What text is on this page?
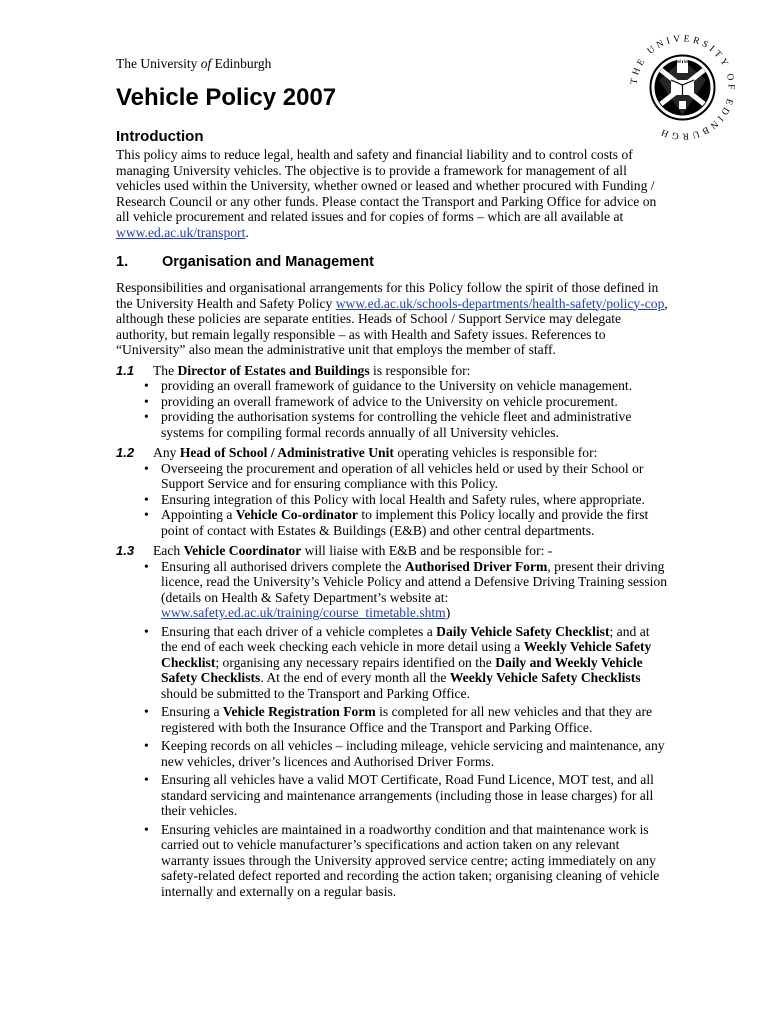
The University of Edinburgh
Vehicle Policy 2007
THE UNIVERSITY OF EDINBURGH
Introduction

This policy aims to reduce legal, health and safety and financial liability and to control costs of managing University vehicles. The objective is to provide a framework for management of all vehicles used within the University, whether owned or leased and whether procured with Funding / Research Council or any other funds. Please contact the Transport and Parking Office for advice on all vehicle procurement and related issues and for copies of forms – which are all available at www.ed.ac.uk/transport.

1.	Organisation and Management

Responsibilities and organisational arrangements for this Policy follow the spirit of those defined in the University Health and Safety Policy www.ed.ac.uk/schools-departments/health-safety/policy-cop, although these policies are separate entities. Heads of School / Support Service may delegate authority, but remain legally responsible – as with Health and Safety issues. References to “University” also mean the administrative unit that employs the member of staff.

1.1	The Director of Estates and Buildings is responsible for:
• providing an overall framework of guidance to the University on vehicle management.
• providing an overall framework of advice to the University on vehicle procurement.
• providing the authorisation systems for controlling the vehicle fleet and administrative systems for compiling formal records annually of all University vehicles.
1.2	Any Head of School / Administrative Unit operating vehicles is responsible for:
• Overseeing the procurement and operation of all vehicles held or used by their School or Support Service and for ensuring compliance with this Policy.
• Ensuring integration of this Policy with local Health and Safety rules, where appropriate.
• Appointing a Vehicle Co-ordinator to implement this Policy locally and provide the first point of contact with Estates & Buildings (E&B) and other central departments.
1.3	Each Vehicle Coordinator will liaise with E&B and be responsible for: -
• Ensuring all authorised drivers complete the Authorised Driver Form, present their driving licence, read the University’s Vehicle Policy and attend a Defensive Driving Training session (details on Health & Safety Department’s website at: www.safety.ed.ac.uk/training/course_timetable.shtm)
• Ensuring that each driver of a vehicle completes a Daily Vehicle Safety Checklist; and at the end of each week checking each vehicle in more detail using a Weekly Vehicle Safety Checklist; organising any necessary repairs identified on the Daily and Weekly Vehicle Safety Checklists. At the end of every month all the Weekly Vehicle Safety Checklists should be submitted to the Transport and Parking Office.
• Ensuring a Vehicle Registration Form is completed for all new vehicles and that they are registered with both the Insurance Office and the Transport and Parking Office.
• Keeping records on all vehicles – including mileage, vehicle servicing and maintenance, any new vehicles, driver’s licences and Authorised Driver Forms.
• Ensuring all vehicles have a valid MOT Certificate, Road Fund Licence, MOT test, and all standard servicing and maintenance arrangements (including those in lease charges) for all their vehicles.
• Ensuring vehicles are maintained in a roadworthy condition and that maintenance work is carried out to vehicle manufacturer’s specifications and action taken on any relevant warranty issues through the University approved service centre; acting immediately on any safety-related defect reported and recording the action taken; organising cleaning of vehicle internally and externally on a regular basis.
